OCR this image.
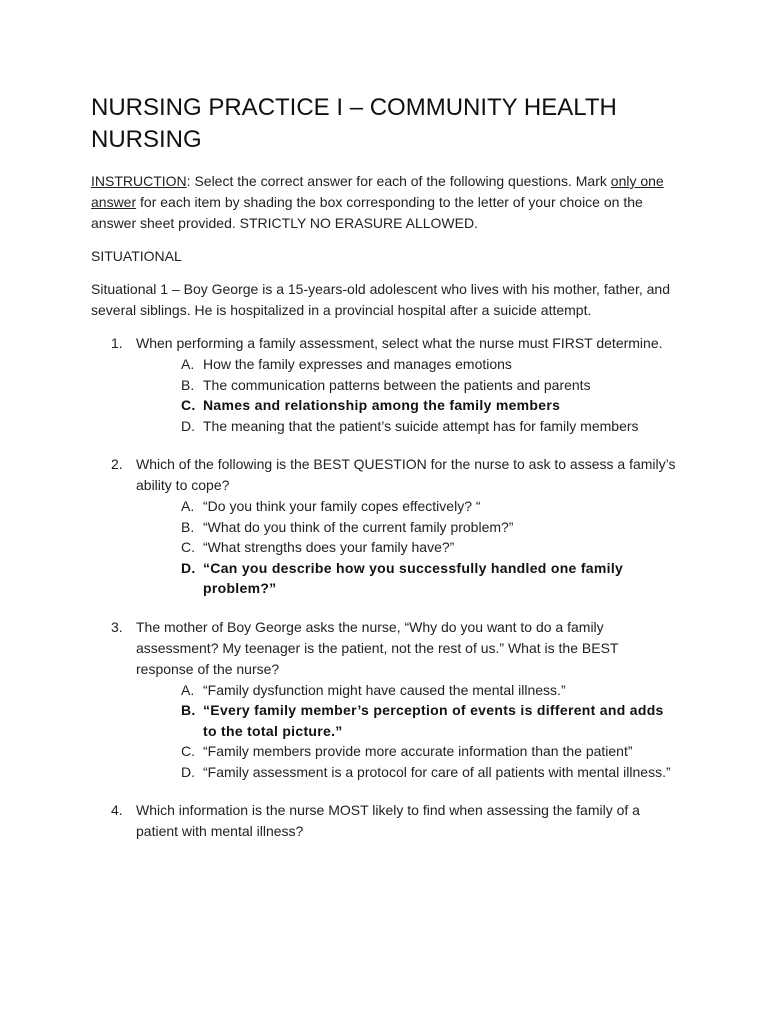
NURSING PRACTICE I – COMMUNITY HEALTH NURSING

INSTRUCTION: Select the correct answer for each of the following questions. Mark only one answer for each item by shading the box corresponding to the letter of your choice on the answer sheet provided. STRICTLY NO ERASURE ALLOWED.

SITUATIONAL

Situational 1 – Boy George is a 15-years-old adolescent who lives with his mother, father, and several siblings. He is hospitalized in a provincial hospital after a suicide attempt.

1. When performing a family assessment, select what the nurse must FIRST determine.
A. How the family expresses and manages emotions
B. The communication patterns between the patients and parents
C. Names and relationship among the family members
D. The meaning that the patient’s suicide attempt has for family members
2. Which of the following is the BEST QUESTION for the nurse to ask to assess a family’s ability to cope?
A. “Do you think your family copes effectively? “
B. “What do you think of the current family problem?”
C. “What strengths does your family have?”
D. “Can you describe how you successfully handled one family problem?”
3. The mother of Boy George asks the nurse, “Why do you want to do a family assessment? My teenager is the patient, not the rest of us.” What is the BEST response of the nurse?
A. “Family dysfunction might have caused the mental illness.”
B. “Every family member’s perception of events is different and adds to the total picture.”
C. “Family members provide more accurate information than the patient”
D. “Family assessment is a protocol for care of all patients with mental illness.”
4. Which information is the nurse MOST likely to find when assessing the family of a patient with mental illness?
